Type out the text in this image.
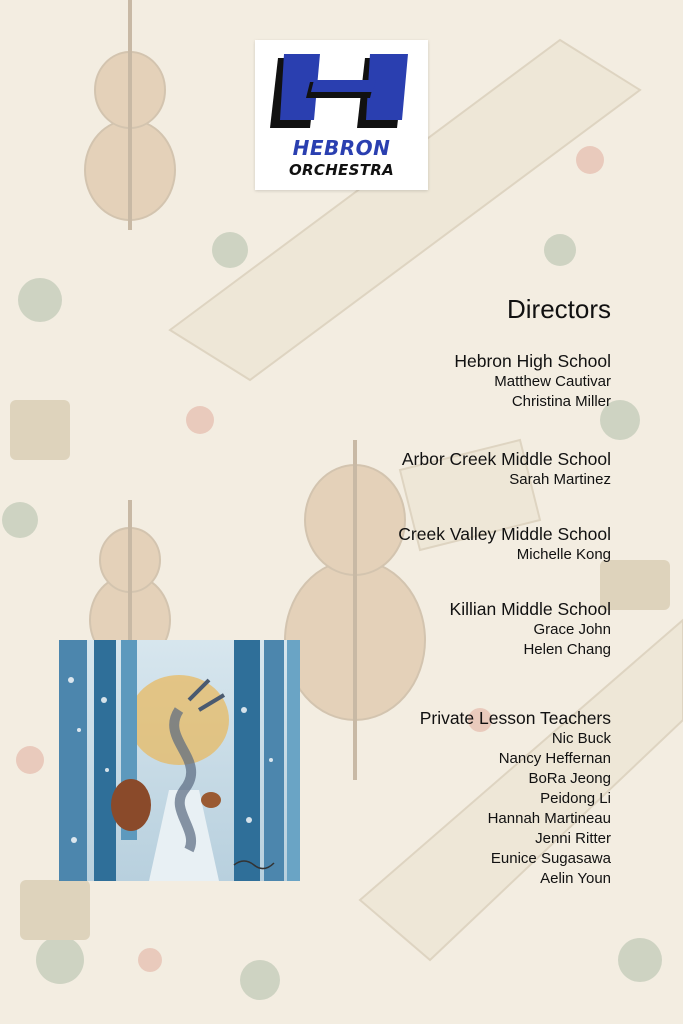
HEBRON
ORCHESTRA
Directors
Hebron High School
Matthew Cautivar
Christina Miller
Arbor Creek Middle School
Sarah Martinez
Creek Valley Middle School
Michelle Kong
Killian Middle School
Grace John
Helen Chang
Private Lesson Teachers
Nic Buck
Nancy Heffernan
BoRa Jeong
Peidong Li
Hannah Martineau
Jenni Ritter
Eunice Sugasawa
Aelin Youn
